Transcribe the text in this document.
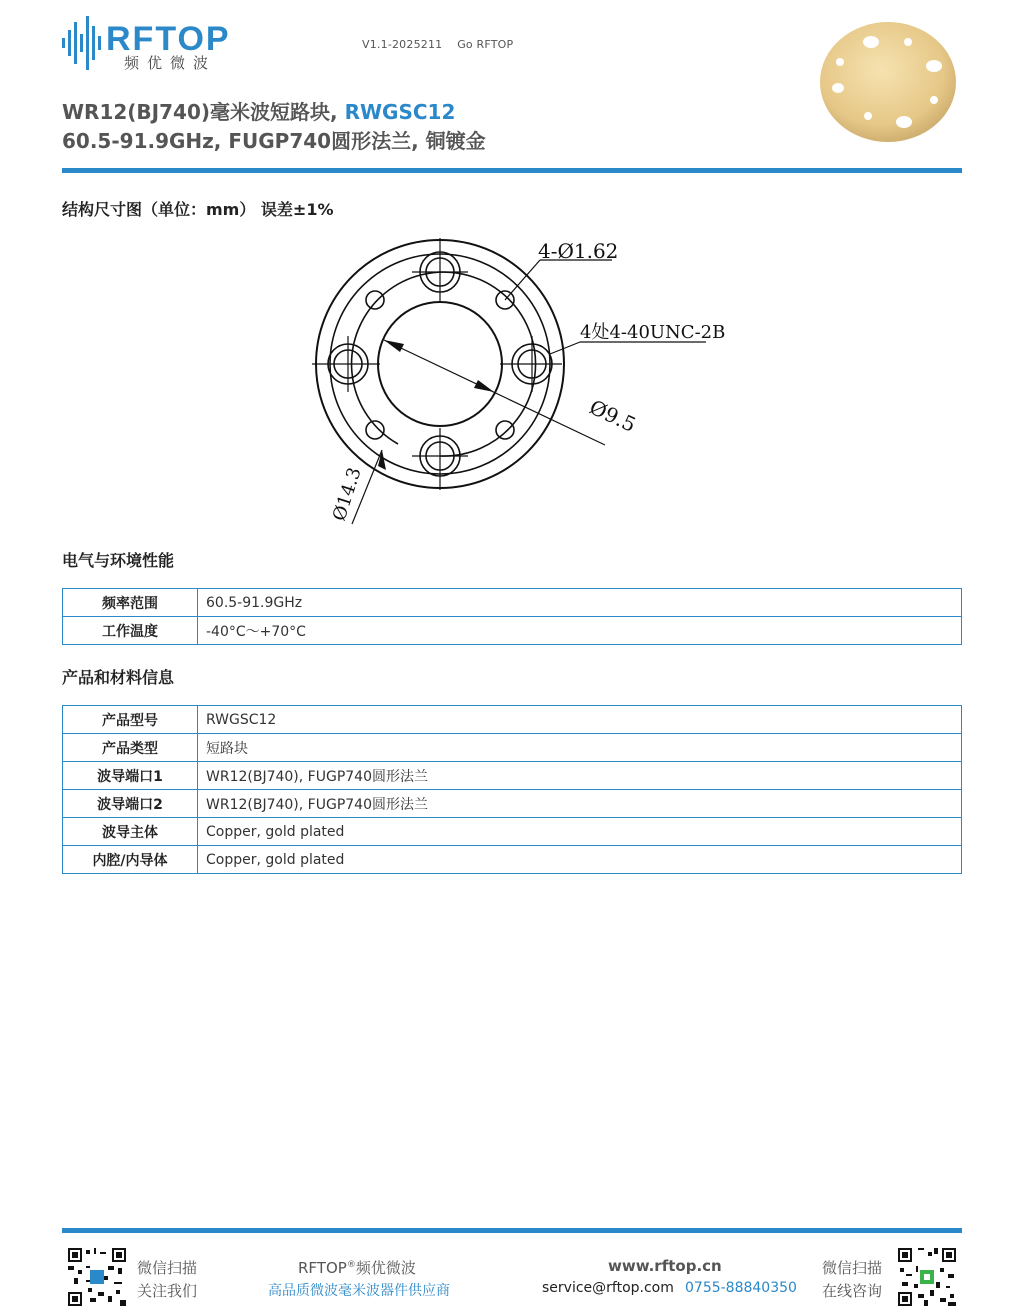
RFTOP
频优微波
V1.1-2025211 Go RFTOP
WR12(BJ740)毫米波短路块, RWGSC12
60.5-91.9GHz, FUGP740圆形法兰, 铜镀金
结构尺寸图（单位：mm） 误差±1%
4-Ø1.62
4处4-40UNC-2B
Ø9.5
Ø14.3
电气与环境性能
频率范围	60.5-91.9GHz
工作温度	-40°C～+70°C
产品和材料信息
产品型号	RWGSC12
产品类型	短路块
波导端口1	WR12(BJ740), FUGP740圆形法兰
波导端口2	WR12(BJ740), FUGP740圆形法兰
波导主体	Copper, gold plated
内腔/内导体	Copper, gold plated
微信扫描
关注我们
RFTOP®频优微波
高品质微波毫米波器件供应商
www.rftop.cn
service@rftop.com 0755-88840350
微信扫描
在线咨询
